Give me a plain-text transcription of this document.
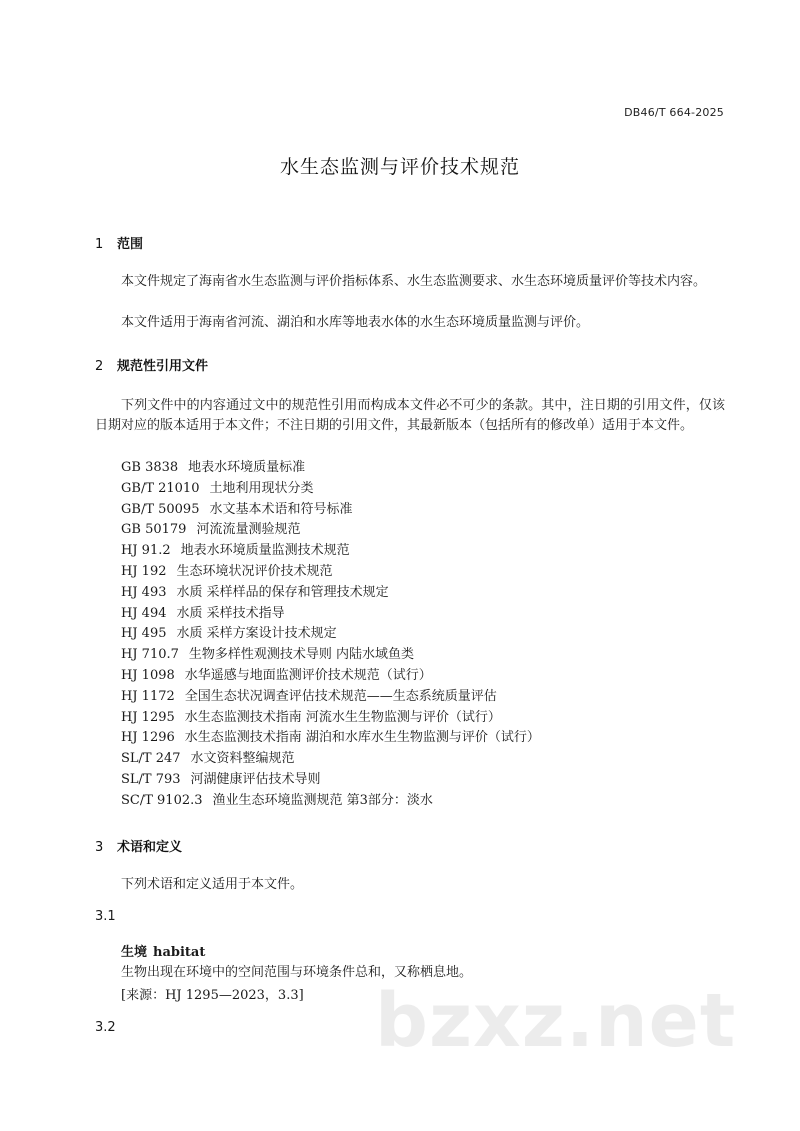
DB46/T 664-2025
水生态监测与评价技术规范
1 范围
本文件规定了海南省水生态监测与评价指标体系、水生态监测要求、水生态环境质量评价等技术内容。
本文件适用于海南省河流、湖泊和水库等地表水体的水生态环境质量监测与评价。
2 规范性引用文件
下列文件中的内容通过文中的规范性引用而构成本文件必不可少的条款。其中，注日期的引用文件，仅该日期对应的版本适用于本文件；不注日期的引用文件，其最新版本（包括所有的修改单）适用于本文件。
GB 3838 地表水环境质量标准
GB/T 21010 土地利用现状分类
GB/T 50095 水文基本术语和符号标准
GB 50179 河流流量测验规范
HJ 91.2 地表水环境质量监测技术规范
HJ 192 生态环境状况评价技术规范
HJ 493 水质 采样样品的保存和管理技术规定
HJ 494 水质 采样技术指导
HJ 495 水质 采样方案设计技术规定
HJ 710.7 生物多样性观测技术导则 内陆水域鱼类
HJ 1098 水华遥感与地面监测评价技术规范（试行）
HJ 1172 全国生态状况调查评估技术规范——生态系统质量评估
HJ 1295 水生态监测技术指南 河流水生生物监测与评价（试行）
HJ 1296 水生态监测技术指南 湖泊和水库水生生物监测与评价（试行）
SL/T 247 水文资料整编规范
SL/T 793 河湖健康评估技术导则
SC/T 9102.3 渔业生态环境监测规范 第3部分：淡水
3 术语和定义
下列术语和定义适用于本文件。
3.1
生境 habitat
生物出现在环境中的空间范围与环境条件总和，又称栖息地。
[来源：HJ 1295—2023，3.3]
3.2	bzxz.net
